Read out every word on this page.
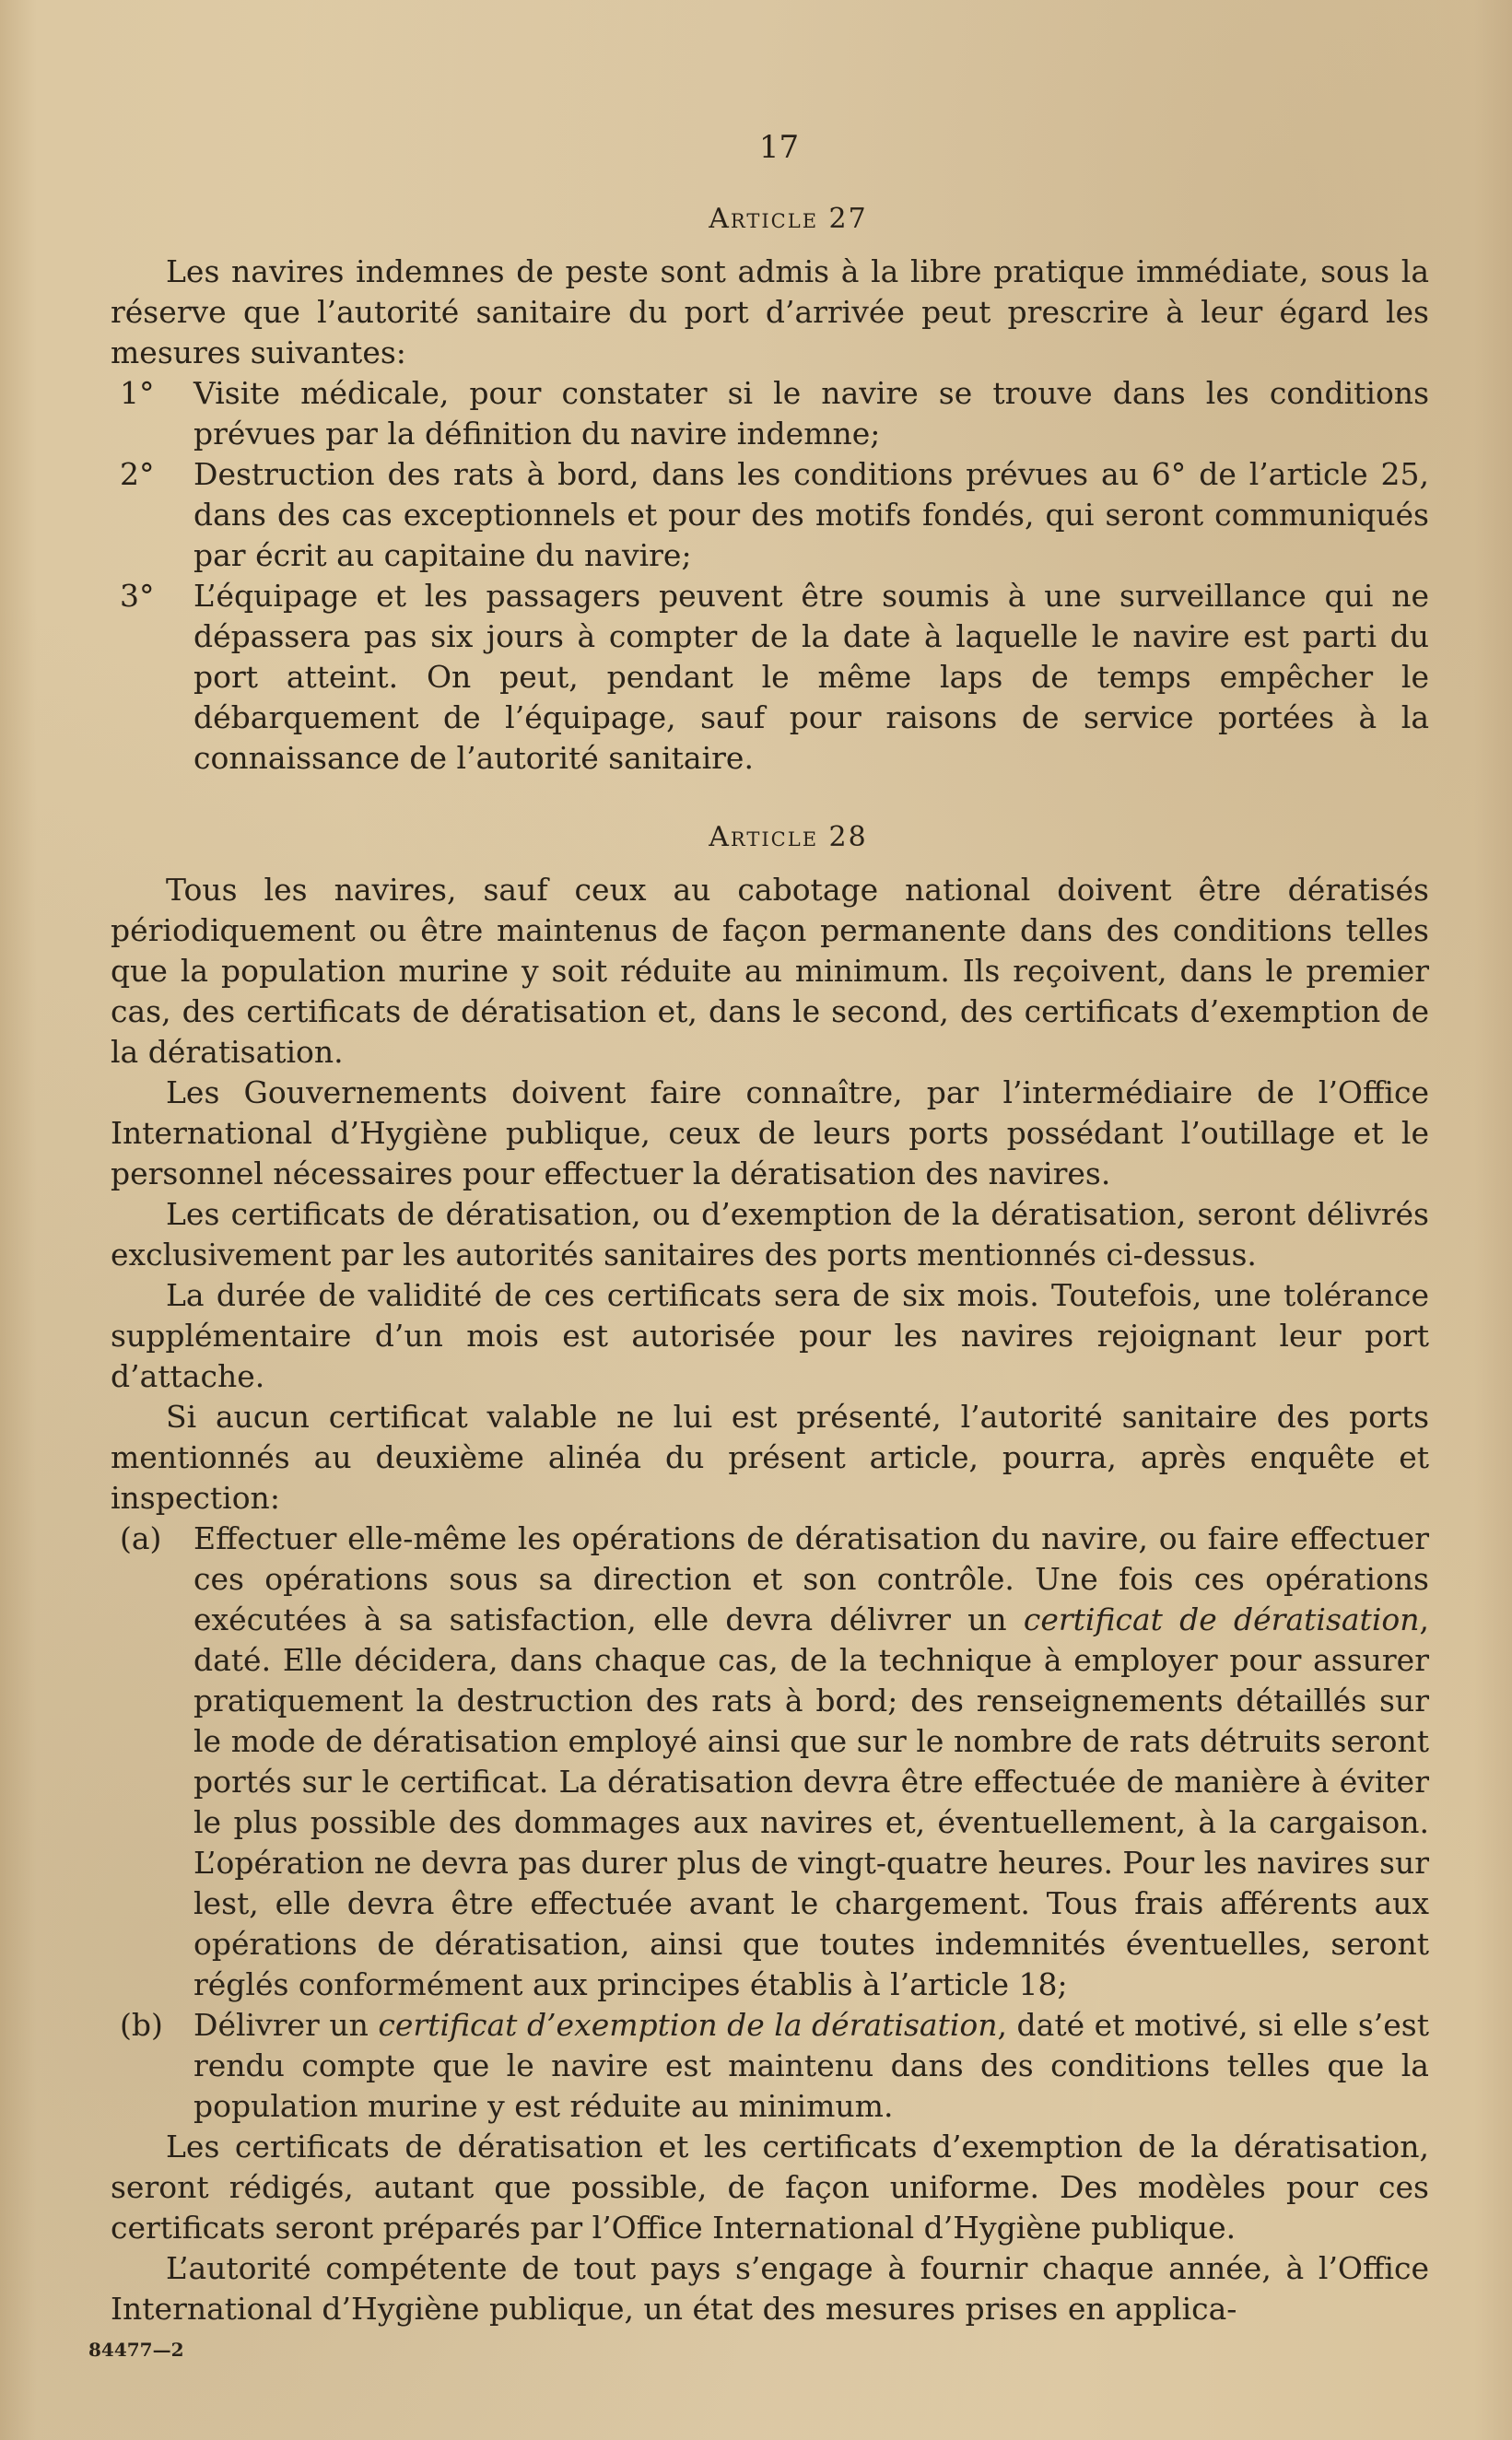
17
Article 27

Les navires indemnes de peste sont admis à la libre pratique immédiate, sous la réserve que l’autorité sanitaire du port d’arrivée peut prescrire à leur égard les mesures suivantes:

1°	Visite médicale, pour constater si le navire se trouve dans les conditions prévues par la définition du navire indemne;

2°	Destruction des rats à bord, dans les conditions prévues au 6° de l’article 25, dans des cas exceptionnels et pour des motifs fondés, qui seront communiqués par écrit au capitaine du navire;

3°	L’équipage et les passagers peuvent être soumis à une surveillance qui ne dépassera pas six jours à compter de la date à laquelle le navire est parti du port atteint. On peut, pendant le même laps de temps empêcher le débarquement de l’équipage, sauf pour raisons de service portées à la connaissance de l’autorité sanitaire.

Article 28

Tous les navires, sauf ceux au cabotage national doivent être dératisés périodiquement ou être maintenus de façon permanente dans des conditions telles que la population murine y soit réduite au minimum. Ils reçoivent, dans le premier cas, des certificats de dératisation et, dans le second, des certificats d’exemption de la dératisation.

Les Gouvernements doivent faire connaître, par l’intermédiaire de l’Office International d’Hygiène publique, ceux de leurs ports possédant l’outillage et le personnel nécessaires pour effectuer la dératisation des navires.

Les certificats de dératisation, ou d’exemption de la dératisation, seront délivrés exclusivement par les autorités sanitaires des ports mentionnés ci-dessus.

La durée de validité de ces certificats sera de six mois. Toutefois, une tolérance supplémentaire d’un mois est autorisée pour les navires rejoignant leur port d’attache.

Si aucun certificat valable ne lui est présenté, l’autorité sanitaire des ports mentionnés au deuxième alinéa du présent article, pourra, après enquête et inspection:

(a)	Effectuer elle-même les opérations de dératisation du navire, ou faire effectuer ces opérations sous sa direction et son contrôle. Une fois ces opérations exécutées à sa satisfaction, elle devra délivrer un certificat de dératisation, daté. Elle décidera, dans chaque cas, de la technique à employer pour assurer pratiquement la destruction des rats à bord; des renseignements détaillés sur le mode de dératisation employé ainsi que sur le nombre de rats détruits seront portés sur le certificat. La dératisation devra être effectuée de manière à éviter le plus possible des dommages aux navires et, éventuellement, à la cargaison. L’opération ne devra pas durer plus de vingt-quatre heures. Pour les navires sur lest, elle devra être effectuée avant le chargement. Tous frais afférents aux opérations de dératisation, ainsi que toutes indemnités éventuelles, seront réglés conformément aux principes établis à l’article 18;

(b)	Délivrer un certificat d’exemption de la dératisation, daté et motivé, si elle s’est rendu compte que le navire est maintenu dans des conditions telles que la population murine y est réduite au minimum.

Les certificats de dératisation et les certificats d’exemption de la dératisation, seront rédigés, autant que possible, de façon uniforme. Des modèles pour ces certificats seront préparés par l’Office International d’Hygiène publique.

L’autorité compétente de tout pays s’engage à fournir chaque année, à l’Office International d’Hygiène publique, un état des mesures prises en applica-

84477—2
